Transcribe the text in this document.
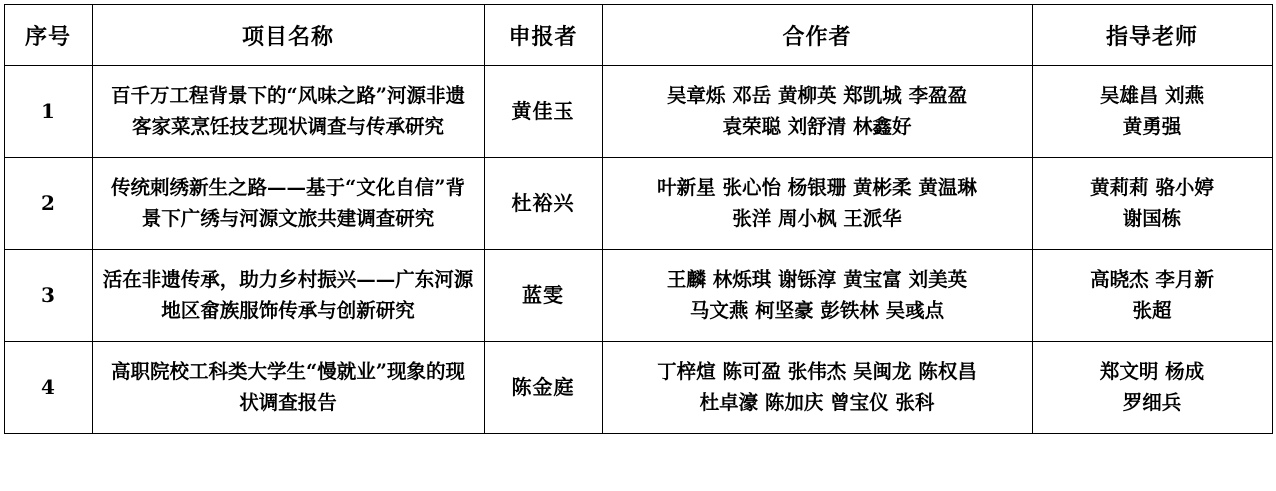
序号	项目名称	申报者	合作者	指导老师
1	百千万工程背景下的“风味之路”河源非遗
客家菜烹饪技艺现状调查与传承研究	黄佳玉	吴章烁 邓岳 黄柳英 郑凯城 李盈盈
袁荣聪 刘舒清 林鑫好	吴雄昌 刘燕
黄勇强

2	传统刺绣新生之路——基于“文化自信”背
景下广绣与河源文旅共建调查研究	杜裕兴	叶新星 张心怡 杨银珊 黄彬柔 黄温琳
张洋 周小枫 王派华	黄莉莉 骆小婷
谢国栋

3	活在非遗传承，助力乡村振兴——广东河源
地区畲族服饰传承与创新研究	蓝雯	王麟 林烁琪 谢铄淳 黄宝富 刘美英
马文燕 柯坚豪 彭铁林 吴彧点	高晓杰 李月新
张超

4	高职院校工科类大学生“慢就业”现象的现
状调查报告	陈金庭	丁梓煊 陈可盈 张伟杰 吴闽龙 陈权昌
杜卓濠 陈加庆 曾宝仪 张科	郑文明 杨成
罗细兵
